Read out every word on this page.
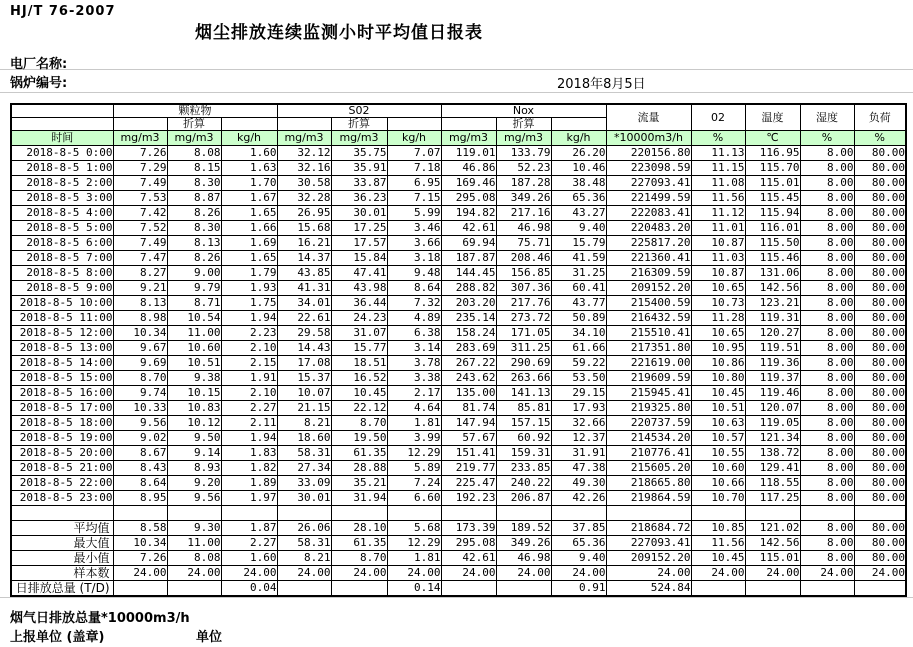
HJ/T 76-2007
烟尘排放连续监测小时平均值日报表
电厂名称:
锅炉编号:	2018年8月5日
	颗粒物			S02			Nox			流量	02	温度	湿度	负荷
		折算			折算			折算						
时间	mg/m3	mg/m3	kg/h	mg/m3	mg/m3	kg/h	mg/m3	mg/m3	kg/h	*10000m3/h	%	℃	%	%
2018-8-5 0:00	7.26	8.08	1.60	32.12	35.75	7.07	119.01	133.79	26.20	220156.80	11.13	116.95	8.00	80.00
2018-8-5 1:00	7.29	8.15	1.63	32.16	35.91	7.18	46.86	52.23	10.46	223098.59	11.15	115.70	8.00	80.00
2018-8-5 2:00	7.49	8.30	1.70	30.58	33.87	6.95	169.46	187.28	38.48	227093.41	11.08	115.01	8.00	80.00
2018-8-5 3:00	7.53	8.87	1.67	32.28	36.23	7.15	295.08	349.26	65.36	221499.59	11.56	115.45	8.00	80.00
2018-8-5 4:00	7.42	8.26	1.65	26.95	30.01	5.99	194.82	217.16	43.27	222083.41	11.12	115.94	8.00	80.00
2018-8-5 5:00	7.52	8.30	1.66	15.68	17.25	3.46	42.61	46.98	9.40	220483.20	11.01	116.01	8.00	80.00
2018-8-5 6:00	7.49	8.13	1.69	16.21	17.57	3.66	69.94	75.71	15.79	225817.20	10.87	115.50	8.00	80.00
2018-8-5 7:00	7.47	8.26	1.65	14.37	15.84	3.18	187.87	208.46	41.59	221360.41	11.03	115.46	8.00	80.00
2018-8-5 8:00	8.27	9.00	1.79	43.85	47.41	9.48	144.45	156.85	31.25	216309.59	10.87	131.06	8.00	80.00
2018-8-5 9:00	9.21	9.79	1.93	41.31	43.98	8.64	288.82	307.36	60.41	209152.20	10.65	142.56	8.00	80.00
2018-8-5 10:00	8.13	8.71	1.75	34.01	36.44	7.32	203.20	217.76	43.77	215400.59	10.73	123.21	8.00	80.00
2018-8-5 11:00	8.98	10.54	1.94	22.61	24.23	4.89	235.14	273.72	50.89	216432.59	11.28	119.31	8.00	80.00
2018-8-5 12:00	10.34	11.00	2.23	29.58	31.07	6.38	158.24	171.05	34.10	215510.41	10.65	120.27	8.00	80.00
2018-8-5 13:00	9.67	10.60	2.10	14.43	15.77	3.14	283.69	311.25	61.66	217351.80	10.95	119.51	8.00	80.00
2018-8-5 14:00	9.69	10.51	2.15	17.08	18.51	3.78	267.22	290.69	59.22	221619.00	10.86	119.36	8.00	80.00
2018-8-5 15:00	8.70	9.38	1.91	15.37	16.52	3.38	243.62	263.66	53.50	219609.59	10.80	119.37	8.00	80.00
2018-8-5 16:00	9.74	10.15	2.10	10.07	10.45	2.17	135.00	141.13	29.15	215945.41	10.45	119.46	8.00	80.00
2018-8-5 17:00	10.33	10.83	2.27	21.15	22.12	4.64	81.74	85.81	17.93	219325.80	10.51	120.07	8.00	80.00
2018-8-5 18:00	9.56	10.12	2.11	8.21	8.70	1.81	147.94	157.15	32.66	220737.59	10.63	119.05	8.00	80.00
2018-8-5 19:00	9.02	9.50	1.94	18.60	19.50	3.99	57.67	60.92	12.37	214534.20	10.57	121.34	8.00	80.00
2018-8-5 20:00	8.67	9.14	1.83	58.31	61.35	12.29	151.41	159.31	31.91	210776.41	10.55	138.72	8.00	80.00
2018-8-5 21:00	8.43	8.93	1.82	27.34	28.88	5.89	219.77	233.85	47.38	215605.20	10.60	129.41	8.00	80.00
2018-8-5 22:00	8.64	9.20	1.89	33.09	35.21	7.24	225.47	240.22	49.30	218665.80	10.66	118.55	8.00	80.00
2018-8-5 23:00	8.95	9.56	1.97	30.01	31.94	6.60	192.23	206.87	42.26	219864.59	10.70	117.25	8.00	80.00

平均值	8.58	9.30	1.87	26.06	28.10	5.68	173.39	189.52	37.85	218684.72	10.85	121.02	8.00	80.00

最大值	10.34	11.00	2.27	58.31	61.35	12.29	295.08	349.26	65.36	227093.41	11.56	142.56	8.00	80.00

最小值	7.26	8.08	1.60	8.21	8.70	1.81	42.61	46.98	9.40	209152.20	10.45	115.01	8.00	80.00

样本数	24.00	24.00	24.00	24.00	24.00	24.00	24.00	24.00	24.00	24.00	24.00	24.00	24.00	24.00

日排放总量 (T/D)			0.04			0.14			0.91	524.84				
烟气日排放总量*10000m3/h
上报单位 (盖章)	单位
